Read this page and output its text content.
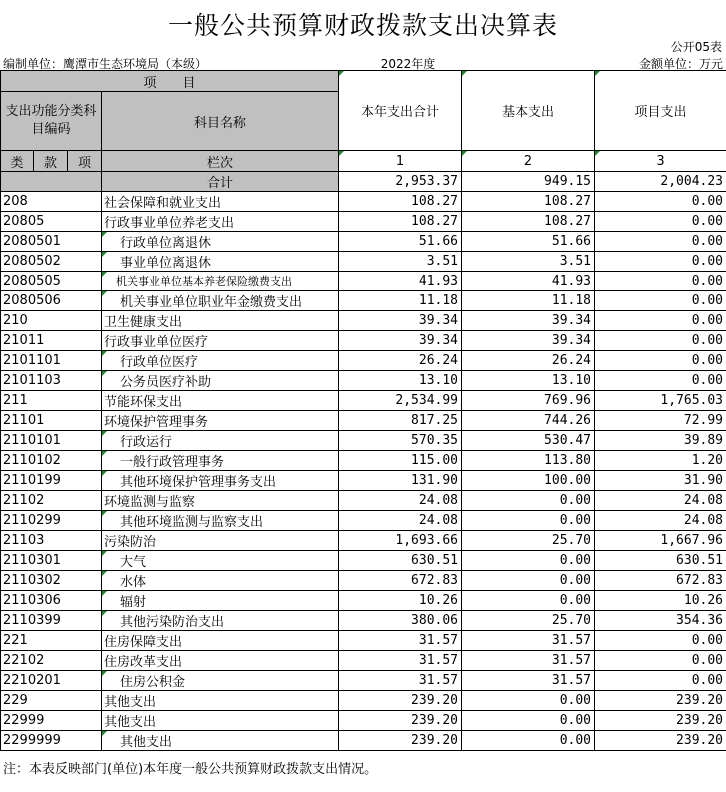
一般公共预算财政拨款支出决算表
公开05表
编制单位：鹰潭市生态环境局（本级）	2022年度	金额单位：万元
项　　目				本年支出合计	基本支出	项目支出
支出功能分类科目编码			科目名称			
类	款	项		1	2	3
			栏次			
			合计	2,953.37	949.15	2,004.23
208			社会保障和就业支出	108.27	108.27	0.00
20805			行政事业单位养老支出	108.27	108.27	0.00
2080501			行政单位离退休	51.66	51.66	0.00
2080502			事业单位离退休	3.51	3.51	0.00
2080505			机关事业单位基本养老保险缴费支出	41.93	41.93	0.00
2080506			机关事业单位职业年金缴费支出	11.18	11.18	0.00
210			卫生健康支出	39.34	39.34	0.00
21011			行政事业单位医疗	39.34	39.34	0.00
2101101			行政单位医疗	26.24	26.24	0.00
2101103			公务员医疗补助	13.10	13.10	0.00
211			节能环保支出	2,534.99	769.96	1,765.03
21101			环境保护管理事务	817.25	744.26	72.99
2110101			行政运行	570.35	530.47	39.89
2110102			一般行政管理事务	115.00	113.80	1.20
2110199			其他环境保护管理事务支出	131.90	100.00	31.90
21102			环境监测与监察	24.08	0.00	24.08
2110299			其他环境监测与监察支出	24.08	0.00	24.08
21103			污染防治	1,693.66	25.70	1,667.96
2110301			大气	630.51	0.00	630.51
2110302			水体	672.83	0.00	672.83
2110306			辐射	10.26	0.00	10.26
2110399			其他污染防治支出	380.06	25.70	354.36
221			住房保障支出	31.57	31.57	0.00
22102			住房改革支出	31.57	31.57	0.00
2210201			住房公积金	31.57	31.57	0.00
229			其他支出	239.20	0.00	239.20
22999			其他支出	239.20	0.00	239.20
2299999			其他支出	239.20	0.00	239.20
注：本表反映部门(单位)本年度一般公共预算财政拨款支出情况。
